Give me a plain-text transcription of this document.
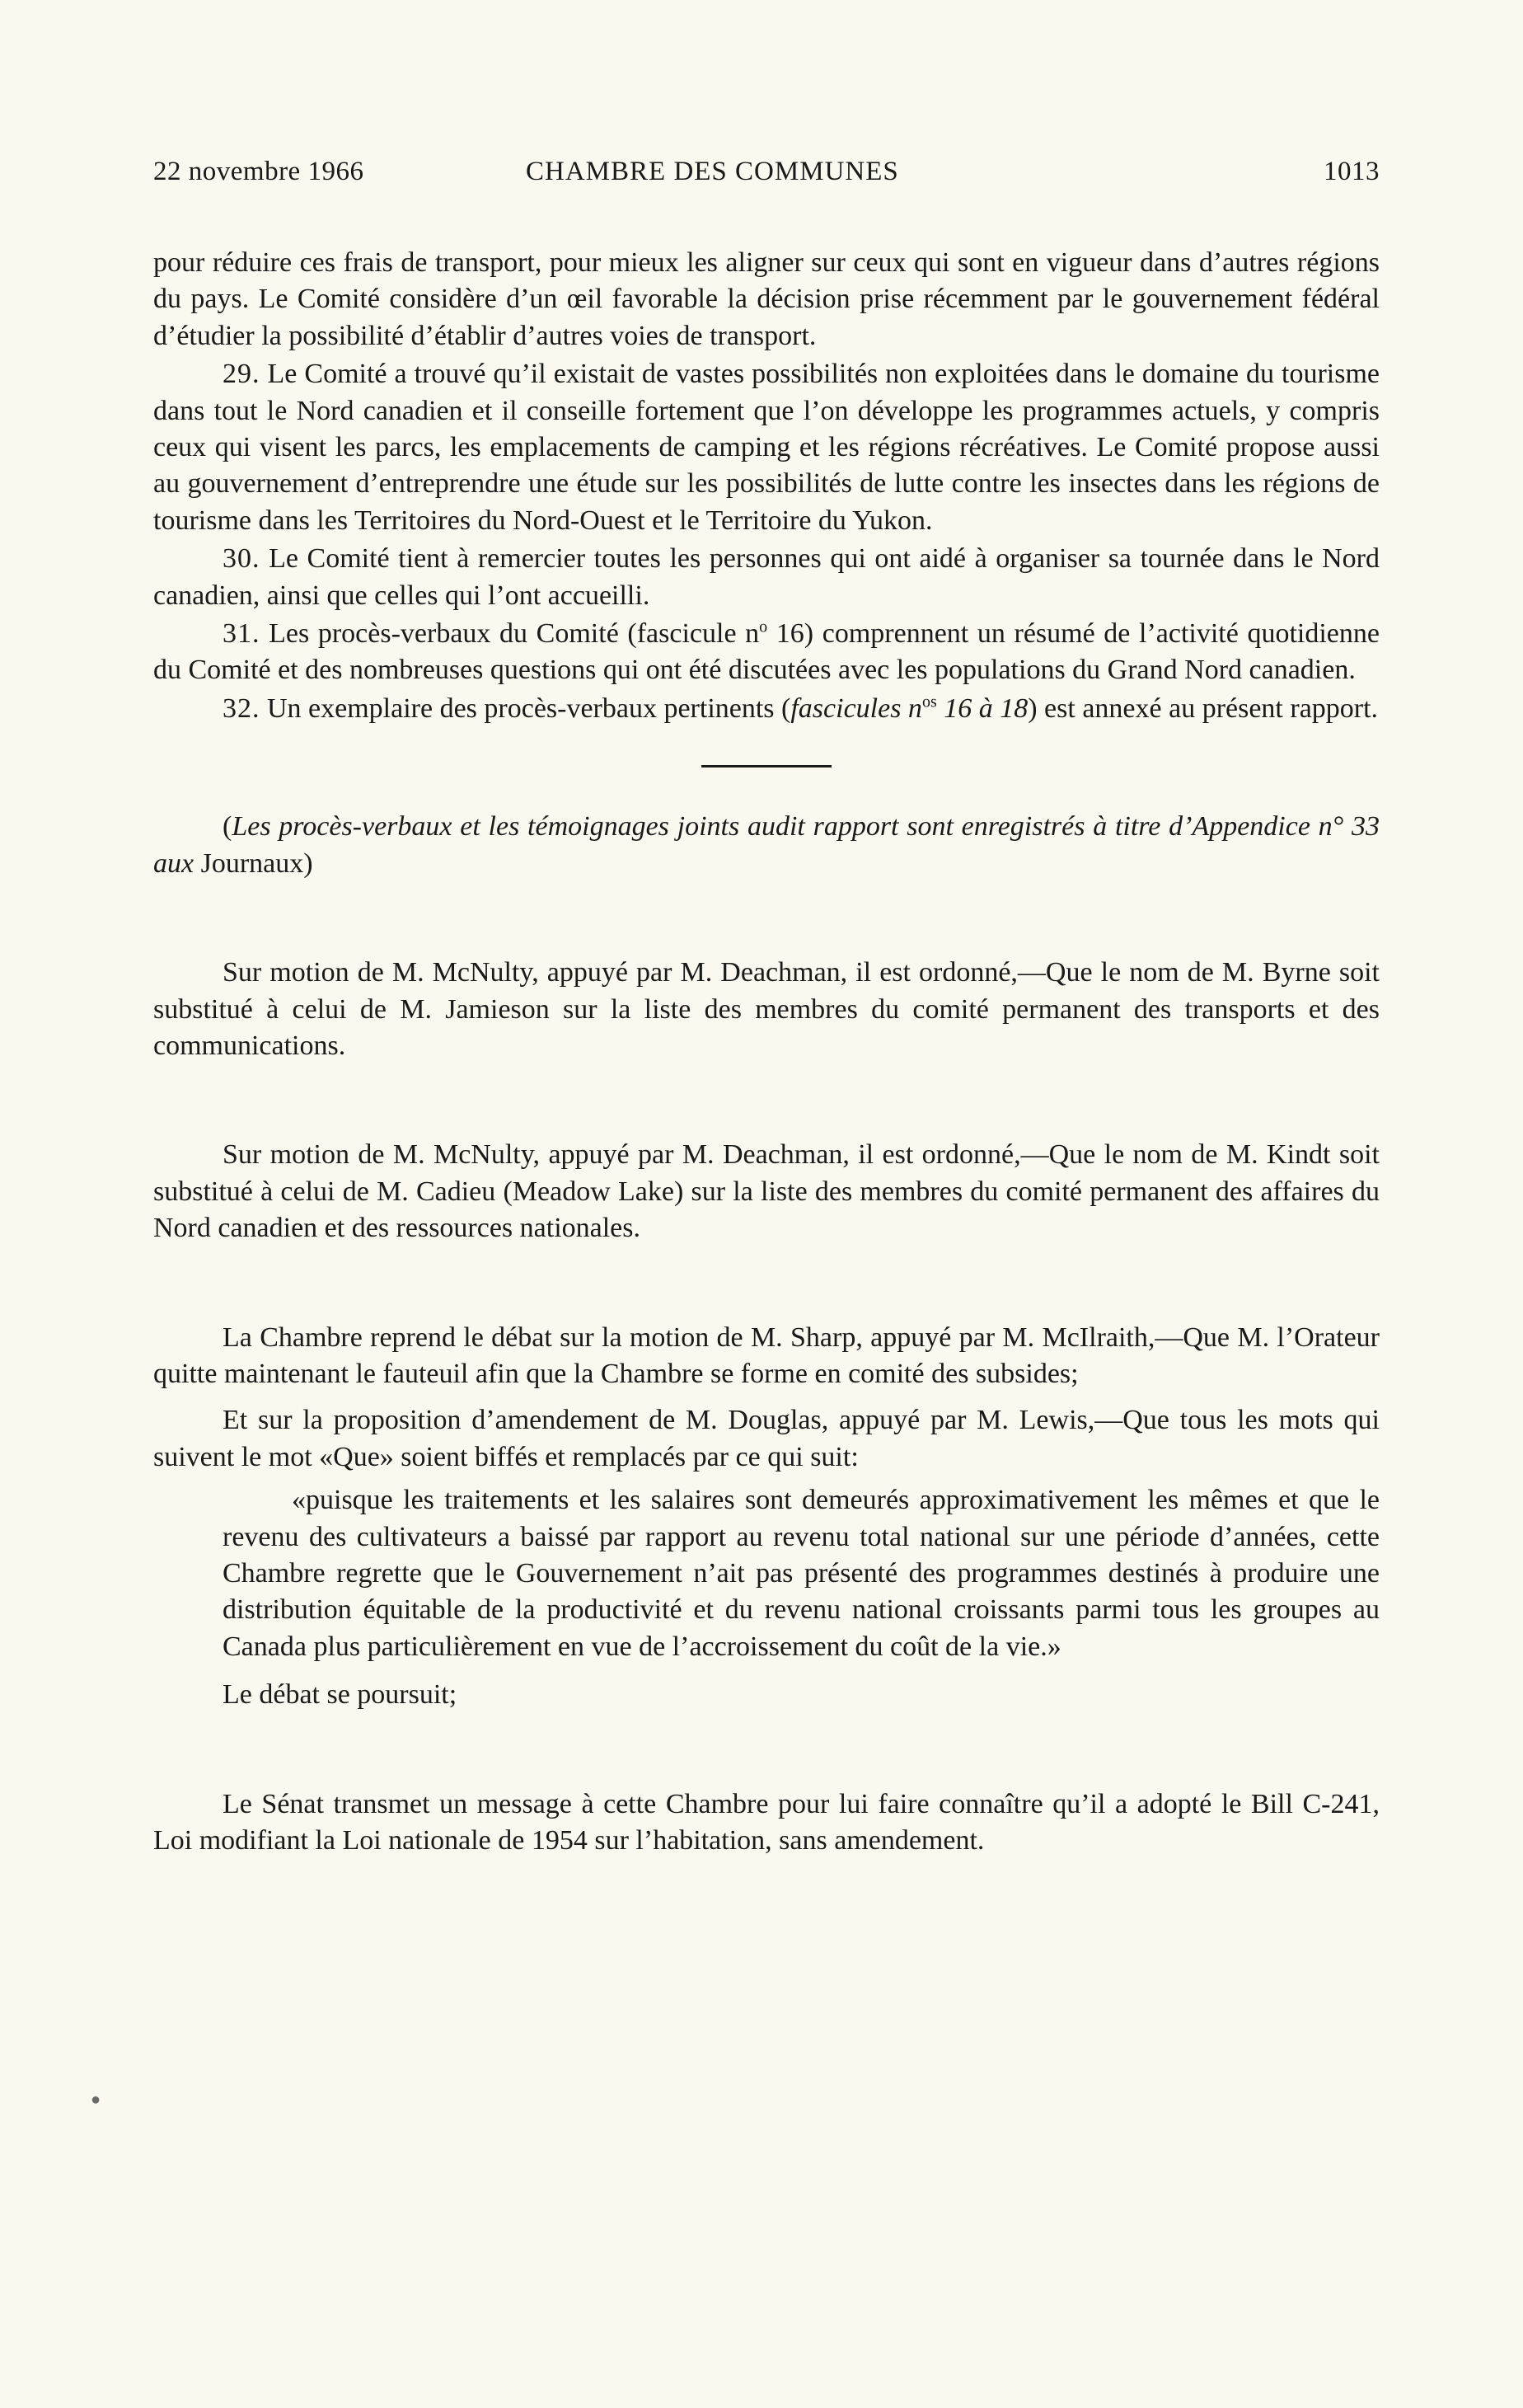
22 novembre 1966	CHAMBRE DES COMMUNES	1013

pour réduire ces frais de transport, pour mieux les aligner sur ceux qui sont en vigueur dans d’autres régions du pays. Le Comité considère d’un œil favorable la décision prise récemment par le gouvernement fédéral d’étudier la possibilité d’établir d’autres voies de transport.

29. Le Comité a trouvé qu’il existait de vastes possibilités non exploitées dans le domaine du tourisme dans tout le Nord canadien et il conseille fortement que l’on développe les programmes actuels, y compris ceux qui visent les parcs, les emplacements de camping et les régions récréatives. Le Comité propose aussi au gouvernement d’entreprendre une étude sur les possibilités de lutte contre les insectes dans les régions de tourisme dans les Territoires du Nord-Ouest et le Territoire du Yukon.

30. Le Comité tient à remercier toutes les personnes qui ont aidé à organiser sa tournée dans le Nord canadien, ainsi que celles qui l’ont accueilli.

31. Les procès-verbaux du Comité (fascicule $n^o$ 16) comprennent un résumé de l’activité quotidienne du Comité et des nombreuses questions qui ont été discutées avec les populations du Grand Nord canadien.

32. Un exemplaire des procès-verbaux pertinents (fascicules $n^{os}$ 16 à 18) est annexé au présent rapport.

(Les procès-verbaux et les témoignages joints audit rapport sont enregistrés à titre d’Appendice n° 33 aux Journaux)

Sur motion de M. McNulty, appuyé par M. Deachman, il est ordonné,—Que le nom de M. Byrne soit substitué à celui de M. Jamieson sur la liste des membres du comité permanent des transports et des communications.

Sur motion de M. McNulty, appuyé par M. Deachman, il est ordonné,—Que le nom de M. Kindt soit substitué à celui de M. Cadieu (Meadow Lake) sur la liste des membres du comité permanent des affaires du Nord canadien et des ressources nationales.

La Chambre reprend le débat sur la motion de M. Sharp, appuyé par M. McIlraith,—Que M. l’Orateur quitte maintenant le fauteuil afin que la Chambre se forme en comité des subsides;

Et sur la proposition d’amendement de M. Douglas, appuyé par M. Lewis,—Que tous les mots qui suivent le mot «Que» soient biffés et remplacés par ce qui suit:

«puisque les traitements et les salaires sont demeurés approximativement les mêmes et que le revenu des cultivateurs a baissé par rapport au revenu total national sur une période d’années, cette Chambre regrette que le Gouvernement n’ait pas présenté des programmes destinés à produire une distribution équitable de la productivité et du revenu national croissants parmi tous les groupes au Canada plus particulièrement en vue de l’accroissement du coût de la vie.»

Le débat se poursuit;

Le Sénat transmet un message à cette Chambre pour lui faire connaître qu’il a adopté le Bill C-241, Loi modifiant la Loi nationale de 1954 sur l’habitation, sans amendement.

●
